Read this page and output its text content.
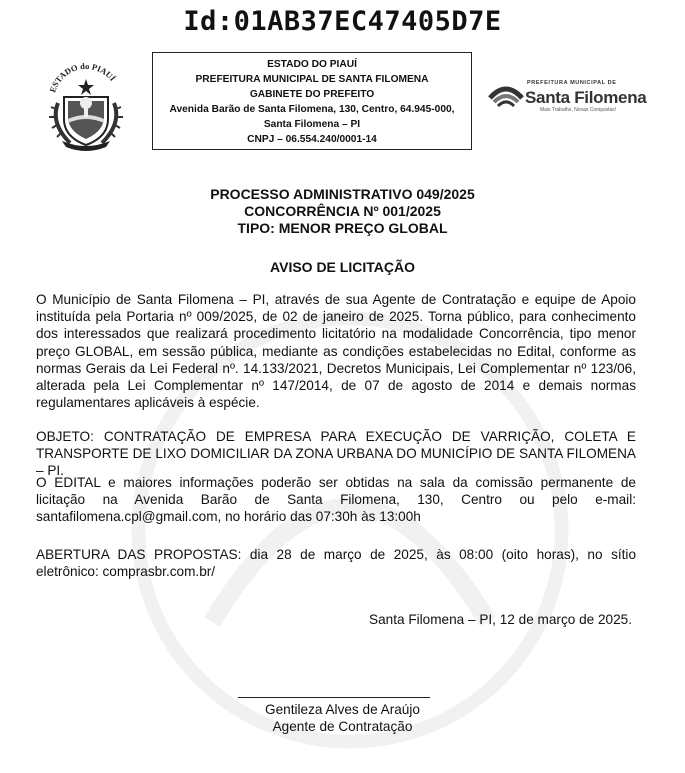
Id:01AB37EC47405D7E
ESTADO do PIAUÍ
ESTADO DO PIAUÍ
PREFEITURA MUNICIPAL DE SANTA FILOMENA
GABINETE DO PREFEITO
Avenida Barão de Santa Filomena, 130, Centro, 64.945-000,
Santa Filomena – PI
CNPJ – 06.554.240/0001-14
PREFEITURA MUNICIPAL DE
Santa Filomena
Mais Trabalho, Novas Conquistas!
PROCESSO ADMINISTRATIVO 049/2025
CONCORRÊNCIA Nº 001/2025
TIPO: MENOR PREÇO GLOBAL
AVISO DE LICITAÇÃO
O Município de Santa Filomena – PI, através de sua Agente de Contratação e equipe de Apoio instituída pela Portaria nº 009/2025, de 02 de janeiro de 2025. Torna público, para conhecimento dos interessados que realizará procedimento licitatório na modalidade Concorrência, tipo menor preço GLOBAL, em sessão pública, mediante as condições estabelecidas no Edital, conforme as normas Gerais da Lei Federal nº. 14.133/2021, Decretos Municipais, Lei Complementar nº 123/06, alterada pela Lei Complementar nº 147/2014, de 07 de agosto de 2014 e demais normas regulamentares aplicáveis à espécie.
OBJETO: CONTRATAÇÃO DE EMPRESA PARA EXECUÇÃO DE VARRIÇÃO, COLETA E TRANSPORTE DE LIXO DOMICILIAR DA ZONA URBANA DO MUNICÍPIO DE SANTA FILOMENA – PI.
O EDITAL e maiores informações poderão ser obtidas na sala da comissão permanente de licitação na Avenida Barão de Santa Filomena, 130, Centro ou pelo e-mail: santafilomena.cpl@gmail.com, no horário das 07:30h às 13:00h
ABERTURA DAS PROPOSTAS: dia 28 de março de 2025, às 08:00 (oito horas), no sítio eletrônico: comprasbr.com.br/
Santa Filomena – PI, 12 de março de 2025.
Gentileza Alves de Araújo
Agente de Contratação
